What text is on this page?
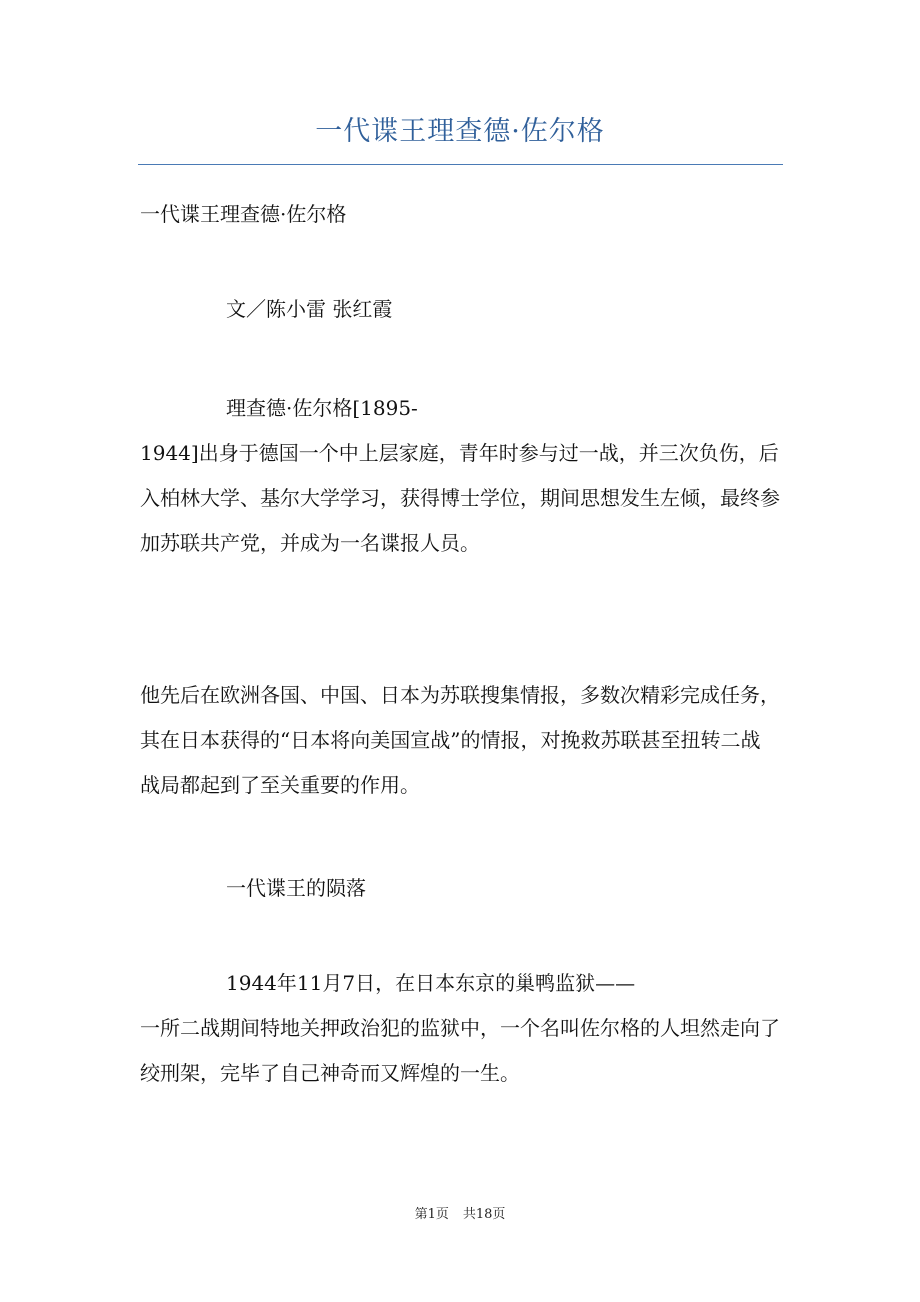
一代谍王理查德·佐尔格

一代谍王理查德·佐尔格

文／陈小雷 张红霞

理查德·佐尔格[1895-
1944]出身于德国一个中上层家庭，青年时参与过一战，并三次负伤，后入柏林大学、基尔大学学习，获得博士学位，期间思想发生左倾，最终参加苏联共产党，并成为一名谍报人员。

他先后在欧洲各国、中国、日本为苏联搜集情报，多数次精彩完成任务，其在日本获得的“日本将向美国宣战”的情报，对挽救苏联甚至扭转二战战局都起到了至关重要的作用。

一代谍王的陨落

1944年11月7日，在日本东京的巢鸭监狱——
一所二战期间特地关押政治犯的监狱中，一个名叫佐尔格的人坦然走向了绞刑架，完毕了自己神奇而又辉煌的一生。
第1页 共18页
